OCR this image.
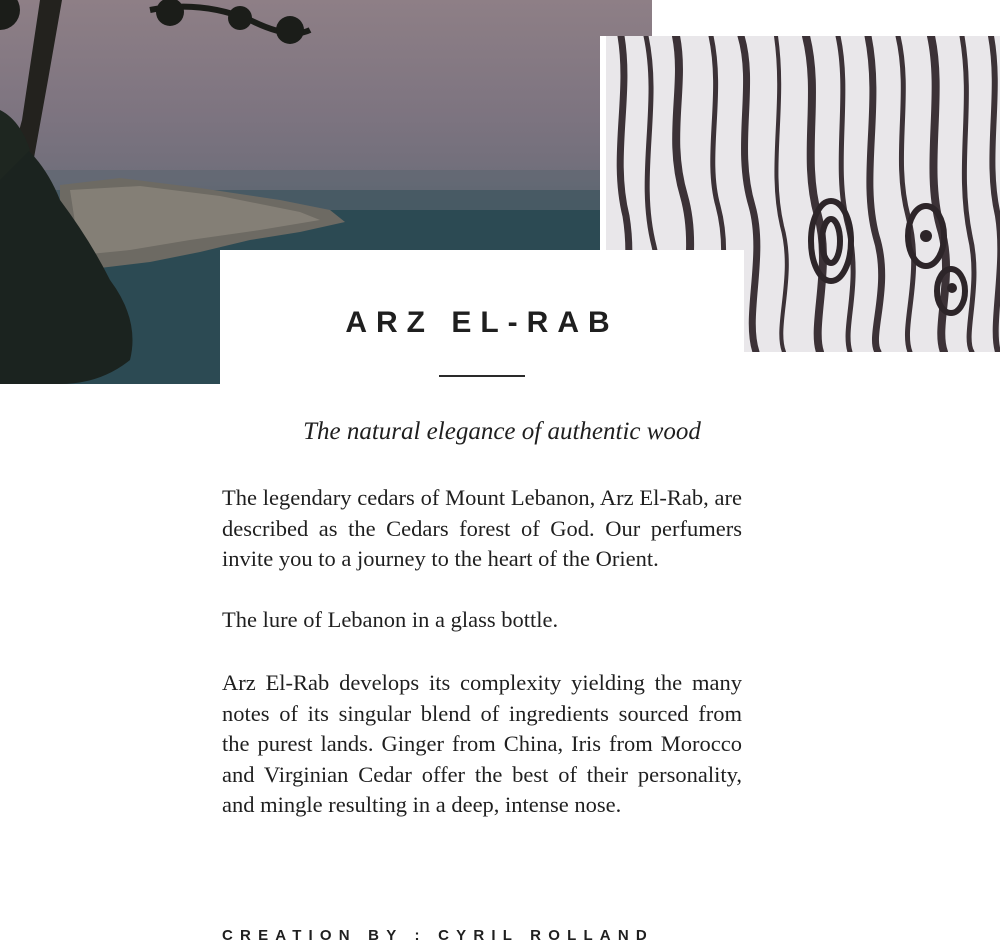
ARZ EL-RAB
The natural elegance of authentic wood
The legendary cedars of Mount Lebanon, Arz El-Rab, are described as the Cedars forest of God. Our perfumers invite you to a journey to the heart of the Orient.
The lure of Lebanon in a glass bottle.
Arz El-Rab develops its complexity yielding the many notes of its singular blend of ingredients sourced from the purest lands. Ginger from China, Iris from Morocco and Virginian Cedar offer the best of their personality, and mingle resulting in a deep, intense nose.
CREATION BY : CYRIL ROLLAND
